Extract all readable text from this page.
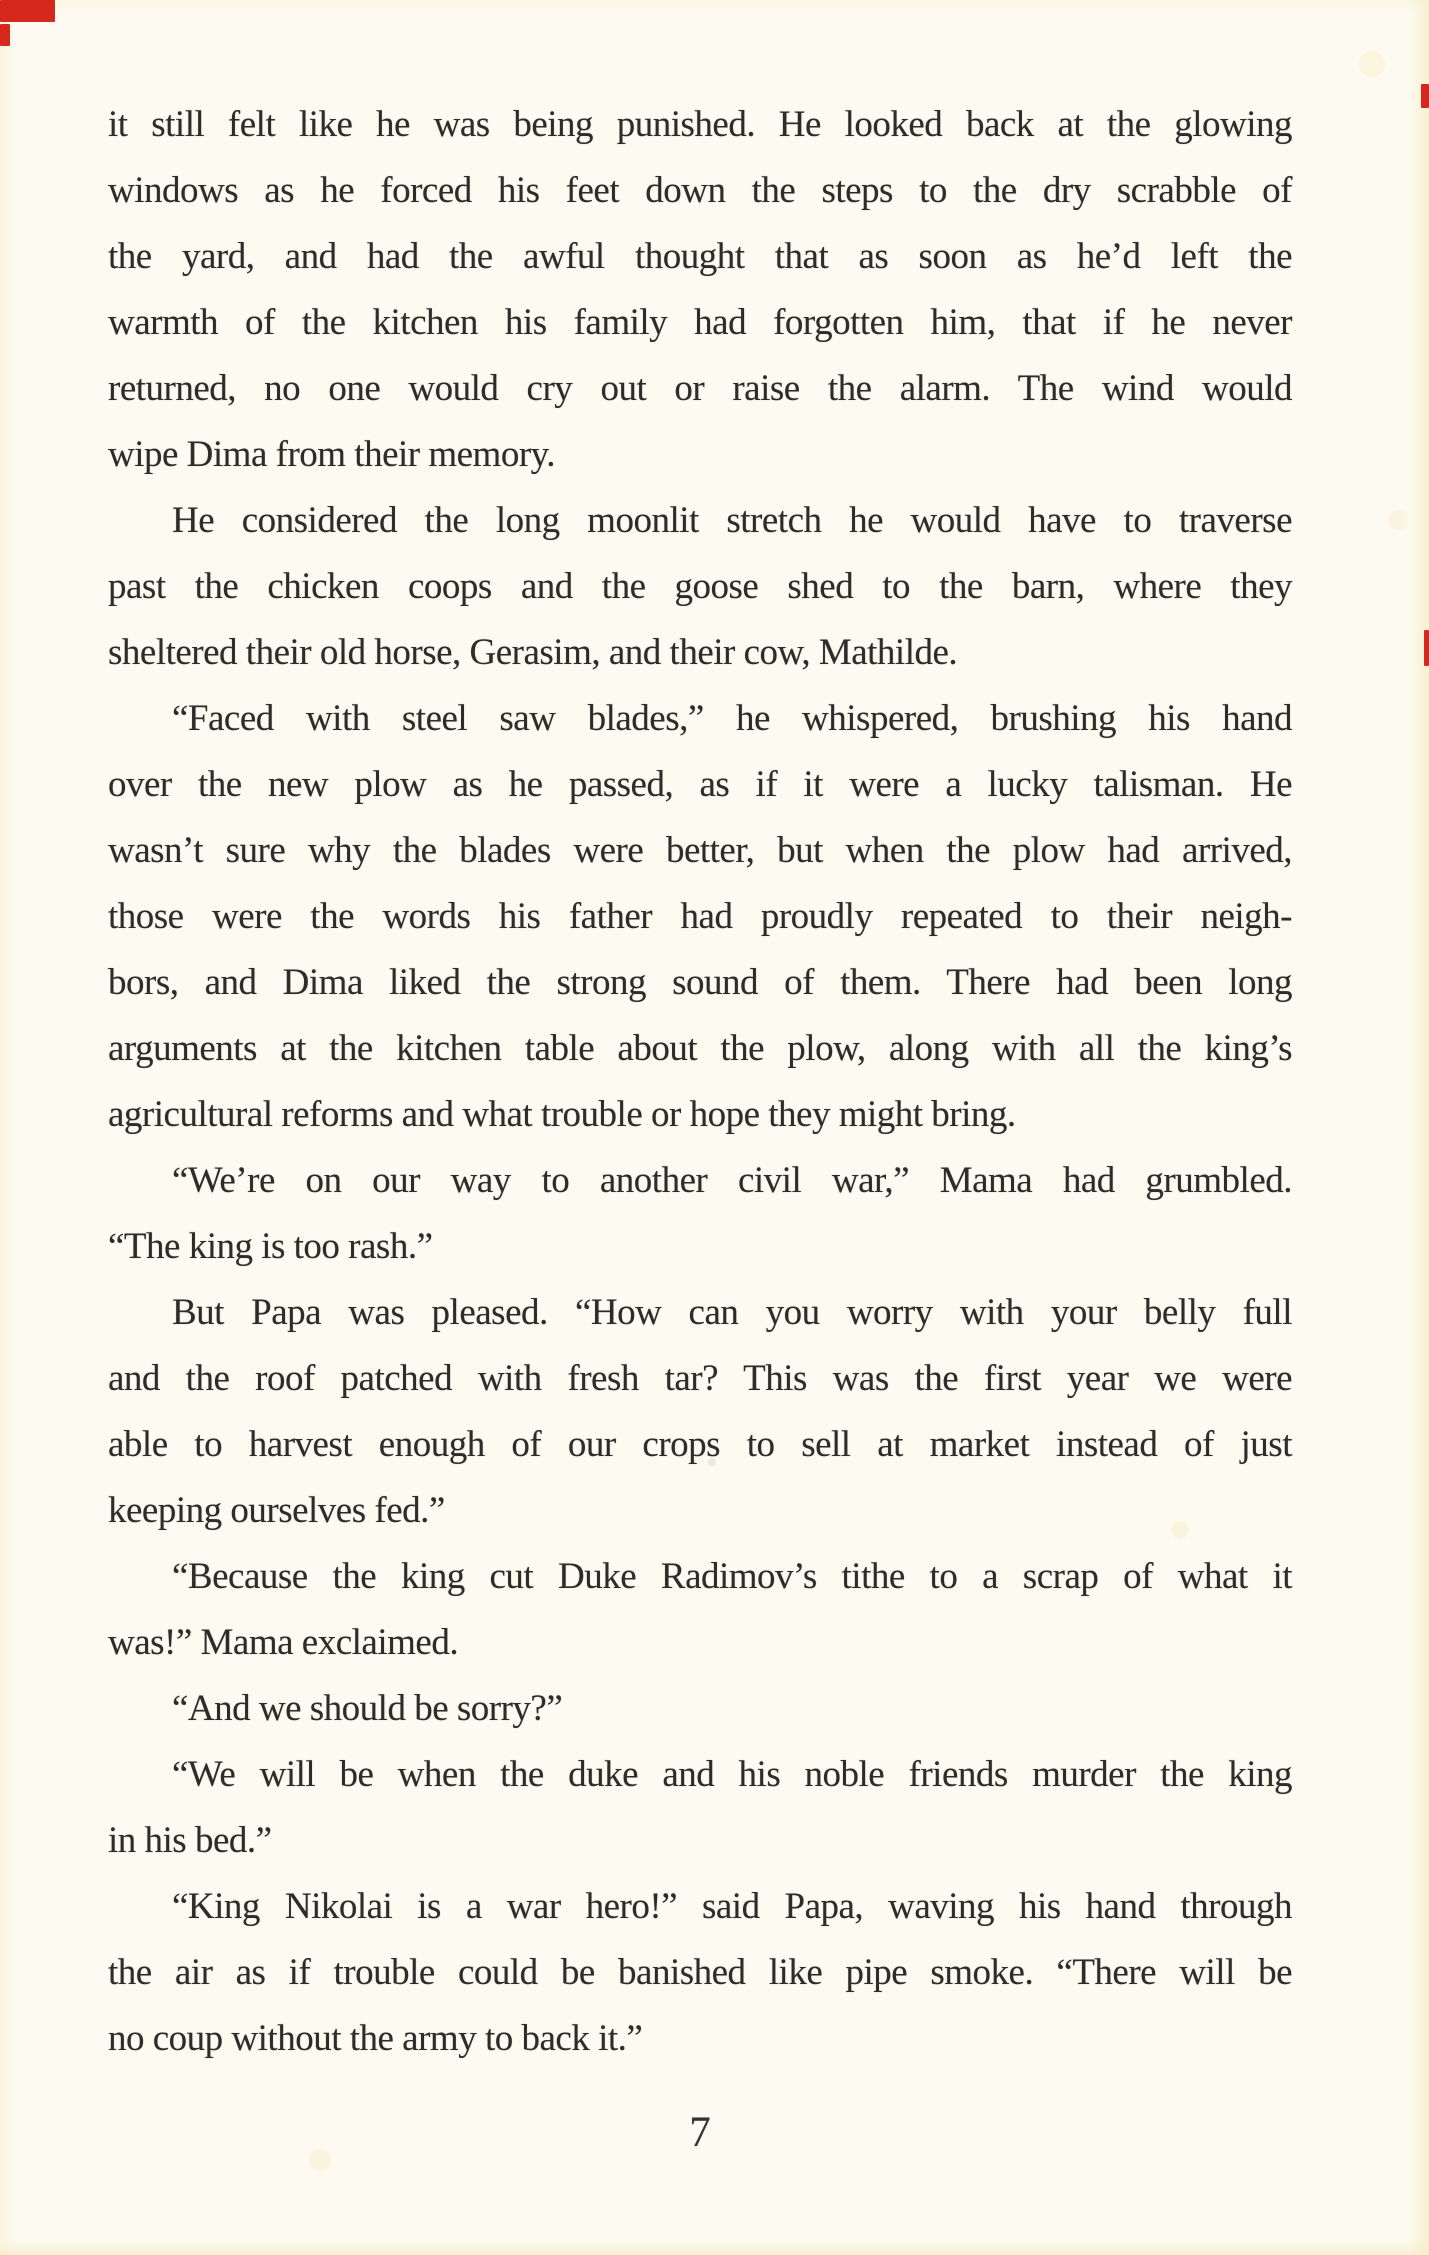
it still felt like he was being punished. He looked back at the glowing
windows as he forced his feet down the steps to the dry scrabble of
the yard, and had the awful thought that as soon as he’d left the
warmth of the kitchen his family had forgotten him, that if he never
returned, no one would cry out or raise the alarm. The wind would
wipe Dima from their memory.

He considered the long moonlit stretch he would have to traverse
past the chicken coops and the goose shed to the barn, where they
sheltered their old horse, Gerasim, and their cow, Mathilde.

“Faced with steel saw blades,” he whispered, brushing his hand
over the new plow as he passed, as if it were a lucky talisman. He
wasn’t sure why the blades were better, but when the plow had arrived,
those were the words his father had proudly repeated to their neigh-
bors, and Dima liked the strong sound of them. There had been long
arguments at the kitchen table about the plow, along with all the king’s
agricultural reforms and what trouble or hope they might bring.

“We’re on our way to another civil war,” Mama had grumbled.
“The king is too rash.”

But Papa was pleased. “How can you worry with your belly full
and the roof patched with fresh tar? This was the first year we were
able to harvest enough of our crops to sell at market instead of just
keeping ourselves fed.”

“Because the king cut Duke Radimov’s tithe to a scrap of what it
was!” Mama exclaimed.

“And we should be sorry?”

“We will be when the duke and his noble friends murder the king
in his bed.”

“King Nikolai is a war hero!” said Papa, waving his hand through
the air as if trouble could be banished like pipe smoke. “There will be
no coup without the army to back it.”

7
